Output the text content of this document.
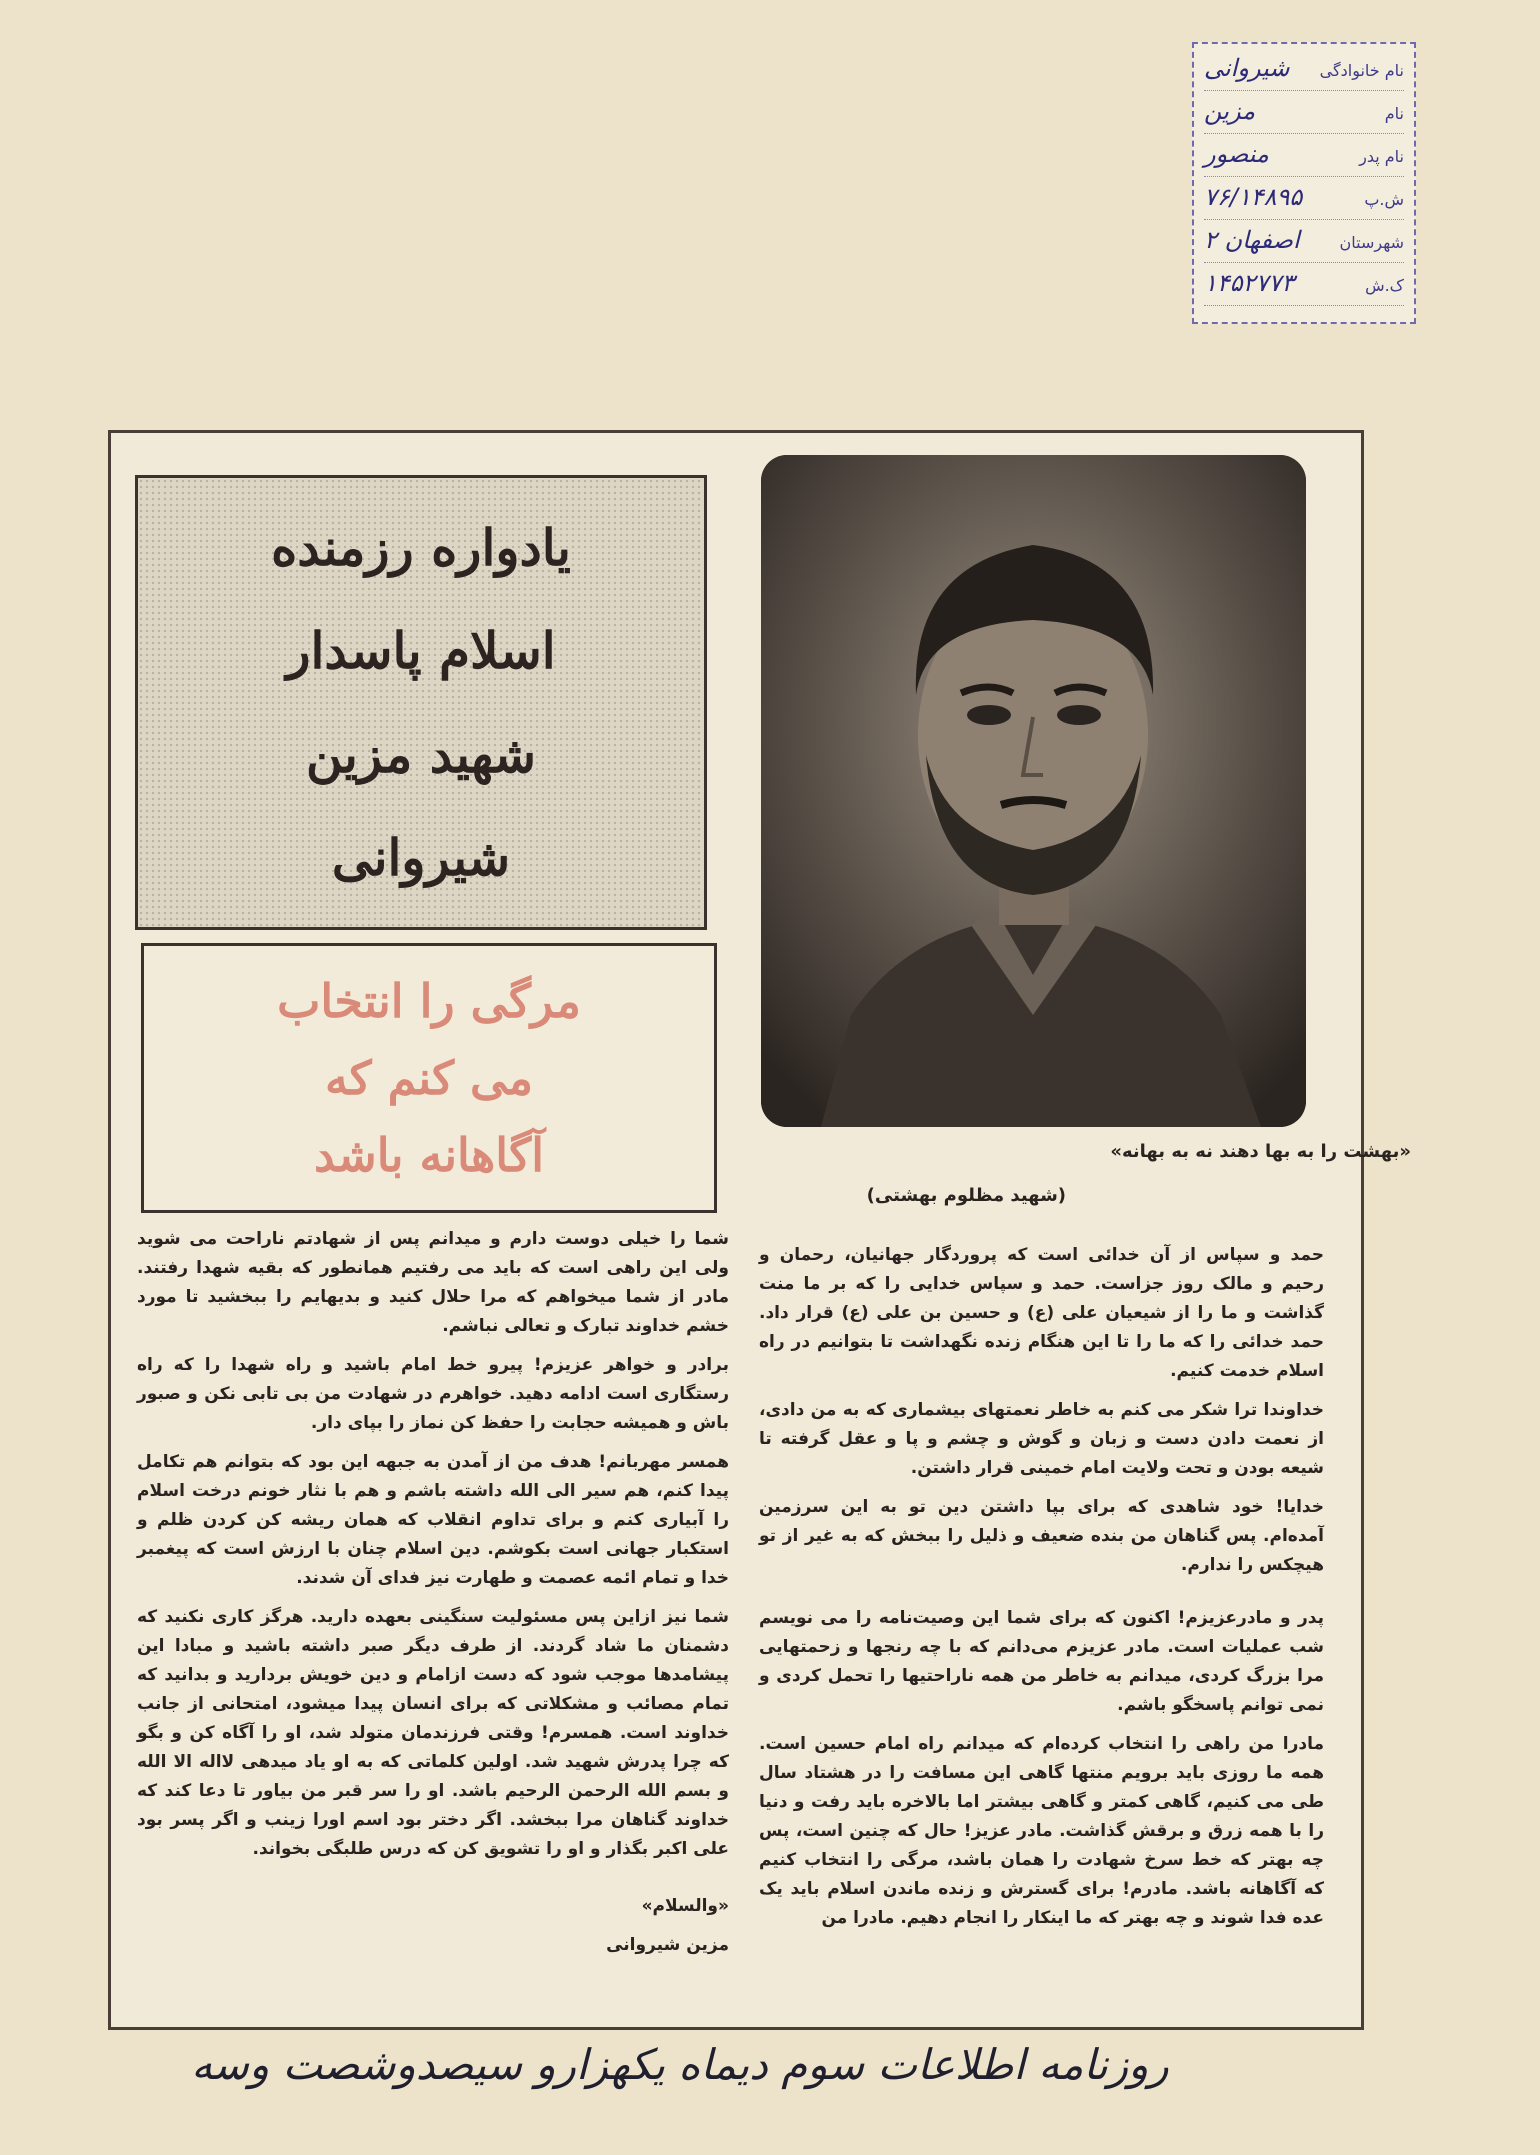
نام خانوادگی
شیروانی
نام
مزین
نام پدر
منصور
ش.پ
۷۶/۱۴۸۹۵
شهرستان
اصفهان ۲
ک.ش
۱۴۵۲۷۷۳
«بهشت را به بها دهند نه به بهانه»
(شهید مظلوم بهشتی)
یادواره رزمنده
اسلام پاسدار
شهید مزین
شیروانی
مرگی را انتخاب
می کنم که
آگاهانه باشد

حمد و سپاس از آن خدائی است که پروردگار جهانیان، رحمان و رحیم و مالک روز جزاست. حمد و سپاس خدایی را که بر ما منت گذاشت و ما را از شیعیان علی (ع) و حسین بن علی (ع) قرار داد. حمد خدائی را که ما را تا این هنگام زنده نگهداشت تا بتوانیم در راه اسلام خدمت کنیم.

خداوندا ترا شکر می کنم به خاطر نعمتهای بیشماری که به من دادی، از نعمت دادن دست و زبان و گوش و چشم و پا و عقل گرفته تا شیعه بودن و تحت ولایت امام خمینی قرار داشتن.

خدایا! خود شاهدی که برای بپا داشتن دین تو به این سرزمین آمده‌ام. پس گناهان من بنده ضعیف و ذلیل را ببخش که به غیر از تو هیچکس را ندارم.

پدر و مادرعزیزم! اکنون که برای شما این وصیت‌نامه را می نویسم شب عملیات است. مادر عزیزم می‌دانم که با چه رنجها و زحمتهایی مرا بزرگ کردی، میدانم به خاطر من همه ناراحتیها را تحمل کردی و نمی توانم پاسخگو باشم.

مادرا من راهی را انتخاب کرده‌ام که میدانم راه امام حسین است. همه ما روزی باید برویم منتها گاهی این مسافت را در هشتاد سال طی می کنیم، گاهی کمتر و گاهی بیشتر اما بالاخره باید رفت و دنیا را با همه زرق و برقش گذاشت. مادر عزیز! حال که چنین است، پس چه بهتر که خط سرخ شهادت را همان باشد، مرگی را انتخاب کنیم که آگاهانه باشد. مادرم! برای گسترش و زنده ماندن اسلام باید یک عده فدا شوند و چه بهتر که ما اینکار را انجام دهیم. مادرا من

شما را خیلی دوست دارم و میدانم پس از شهادتم ناراحت می شوید ولی این راهی است که باید می رفتیم همانطور که بقیه شهدا رفتند. مادر از شما میخواهم که مرا حلال کنید و بدیهایم را ببخشید تا مورد خشم خداوند تبارک و تعالی نباشم.

برادر و خواهر عزیزم! پیرو خط امام باشید و راه شهدا را که راه رستگاری است ادامه دهید. خواهرم در شهادت من بی تابی نکن و صبور باش و همیشه حجابت را حفظ کن نماز را بپای دار.

همسر مهربانم! هدف من از آمدن به جبهه این بود که بتوانم هم تکامل پیدا کنم، هم سیر الی الله داشته باشم و هم با نثار خونم درخت اسلام را آبیاری کنم و برای تداوم انقلاب که همان ریشه کن کردن ظلم و استکبار جهانی است بکوشم. دین اسلام چنان با ارزش است که پیغمبر خدا و تمام ائمه عصمت و طهارت نیز فدای آن شدند.

شما نیز ازاین پس مسئولیت سنگینی بعهده دارید. هرگز کاری نکنید که دشمنان ما شاد گردند. از طرف دیگر صبر داشته باشید و مبادا این پیشامدها موجب شود که دست ازامام و دین خویش بردارید و بدانید که تمام مصائب و مشکلاتی که برای انسان پیدا میشود، امتحانی از جانب خداوند است. همسرم! وقتی فرزندمان متولد شد، او را آگاه کن و بگو که چرا پدرش شهید شد. اولین کلماتی که به او یاد میدهی لااله الا الله و بسم الله الرحمن الرحیم باشد. او را سر قبر من بیاور تا دعا کند که خداوند گناهان مرا ببخشد. اگر دختر بود اسم اورا زینب و اگر پسر بود علی اکبر بگذار و او را تشویق کن که درس طلبگی بخواند.

«والسلام»

مزین شیروانی

روزنامه اطلاعات سوم دیماه یکهزارو سیصدوشصت وسه
